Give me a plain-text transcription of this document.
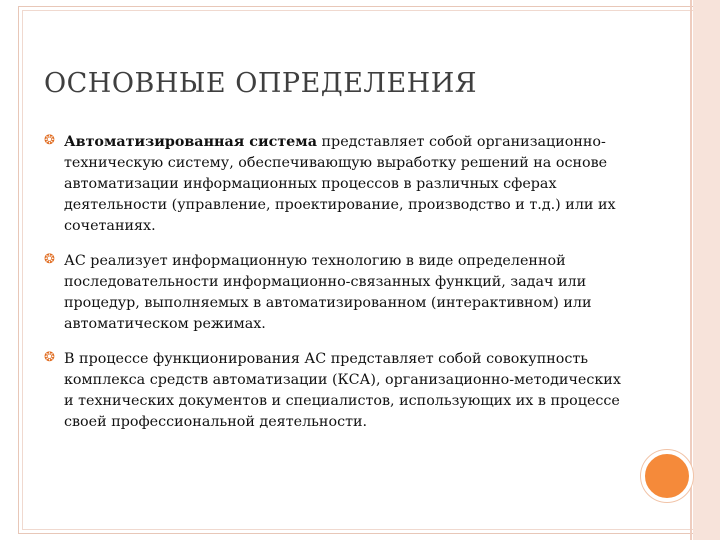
ОСНОВНЫЕ ОПРЕДЕЛЕНИЯ
❂ Автоматизированная система представляет собой организационно-техническую систему, обеспечивающую выработку решений на основе автоматизации информационных процессов в различных сферах деятельности (управление, проектирование, производство и т.д.) или их сочетаниях.
❂ АС реализует информационную технологию в виде определенной последовательности информационно-связанных функций, задач или процедур, выполняемых в автоматизированном (интерактивном) или автоматическом режимах.
❂ В процессе функционирования АС представляет собой совокупность комплекса средств автоматизации (КСА), организационно-методических и технических документов и специалистов, использующих их в процессе своей профессиональной деятельности.
